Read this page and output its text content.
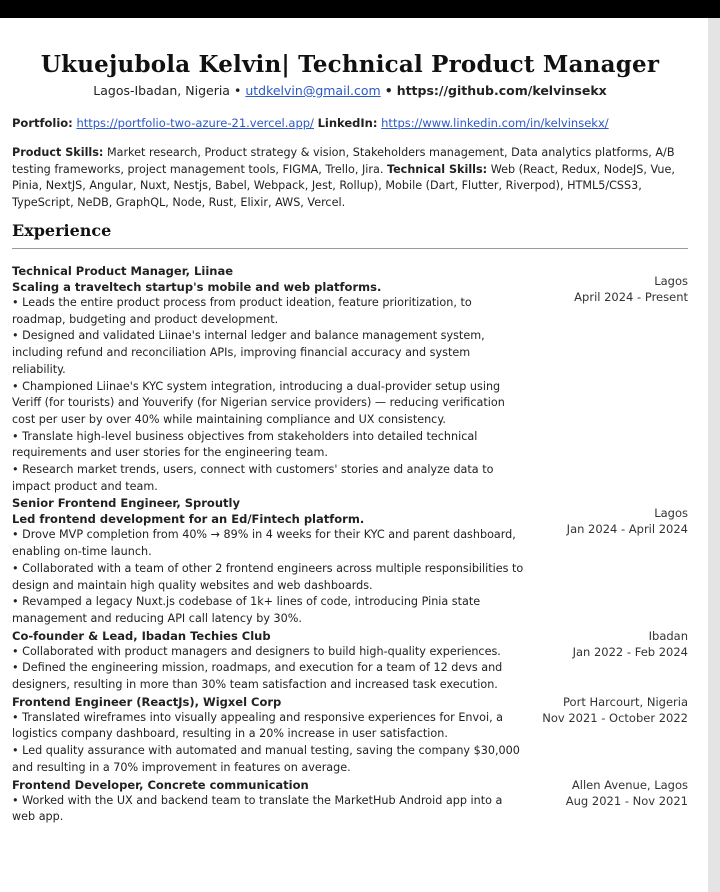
Ukuejubola Kelvin| Technical Product Manager
Lagos-Ibadan, Nigeria • utdkelvin@gmail.com • https://github.com/kelvinsekx
Portfolio: https://portfolio-two-azure-21.vercel.app/ LinkedIn: https://www.linkedin.com/in/kelvinsekx/
Product Skills: Market research, Product strategy & vision, Stakeholders management, Data analytics platforms, A/B testing frameworks, project management tools, FIGMA, Trello, Jira. Technical Skills: Web (React, Redux, NodeJS, Vue, Pinia, NextJS, Angular, Nuxt, Nestjs, Babel, Webpack, Jest, Rollup), Mobile (Dart, Flutter, Riverpod), HTML5/CSS3, TypeScript, NeDB, GraphQL, Node, Rust, Elixir, AWS, Vercel.
Experience
Lagos
April 2024 - Present
Technical Product Manager, Liinae
Scaling a traveltech startup's mobile and web platforms.
• Leads the entire product process from product ideation, feature prioritization, to roadmap, budgeting and product development.
• Designed and validated Liinae's internal ledger and balance management system, including refund and reconciliation APIs, improving financial accuracy and system reliability.
• Championed Liinae's KYC system integration, introducing a dual-provider setup using Veriff (for tourists) and Youverify (for Nigerian service providers) — reducing verification cost per user by over 40% while maintaining compliance and UX consistency.
• Translate high-level business objectives from stakeholders into detailed technical requirements and user stories for the engineering team.
• Research market trends, users, connect with customers' stories and analyze data to impact product and team.
Lagos
Jan 2024 - April 2024
Senior Frontend Engineer, Sproutly
Led frontend development for an Ed/Fintech platform.
• Drove MVP completion from 40% → 89% in 4 weeks for their KYC and parent dashboard, enabling on-time launch.
• Collaborated with a team of other 2 frontend engineers across multiple responsibilities to design and maintain high quality websites and web dashboards.
• Revamped a legacy Nuxt.js codebase of 1k+ lines of code, introducing Pinia state management and reducing API call latency by 30%.
Ibadan
Jan 2022 - Feb 2024
Co-founder & Lead, Ibadan Techies Club
• Collaborated with product managers and designers to build high-quality experiences.
• Defined the engineering mission, roadmaps, and execution for a team of 12 devs and designers, resulting in more than 30% team satisfaction and increased task execution.
Port Harcourt, Nigeria
Nov 2021 - October 2022
Frontend Engineer (ReactJs), Wigxel Corp
• Translated wireframes into visually appealing and responsive experiences for Envoi, a logistics company dashboard, resulting in a 20% increase in user satisfaction.
• Led quality assurance with automated and manual testing, saving the company $30,000 and resulting in a 70% improvement in features on average.
Allen Avenue, Lagos
Aug 2021 - Nov 2021
Frontend Developer, Concrete communication
• Worked with the UX and backend team to translate the MarketHub Android app into a web app.
